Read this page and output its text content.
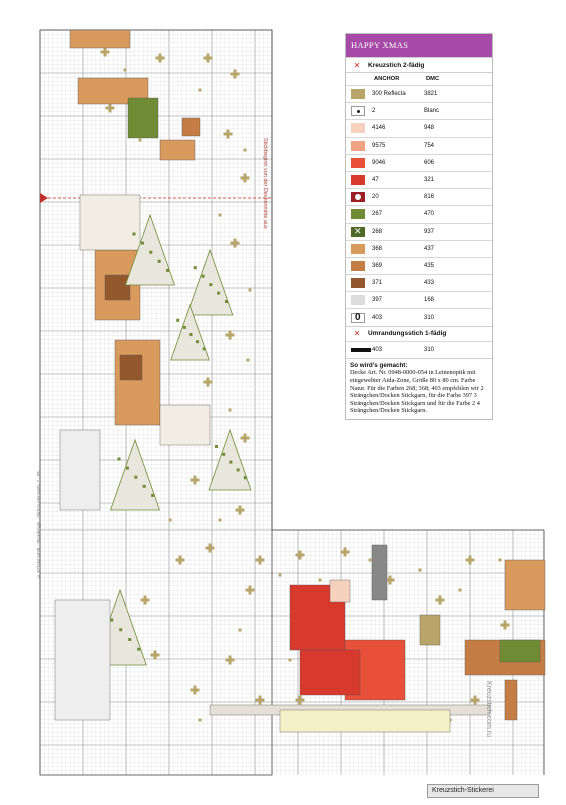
Stickbeginn von der Deckenmitte aus
© RZ/ANCHOR · Stickdesign · Stickmuster-Motiv 2 · 09-
HAPPY XMAS
✕	Kreuzstich 2-fädig
ANCHOR	DMC
300 Reflecta	3821
2	Blanc
4146	948
9575	754
9046	606
47	321
20	816
267	470
✕ 268	937
368	437
369	435
371	433
397	168
0 403	310
✕	Umrandungsstich 1-fädig
403	310
So wird’s gemacht:
Decke Art. Nr. 0948-0000-054 in Leinenoptik mit eingewebter Aida-Zone, Größe 80 x 80 cm. Farbe Natur. Für die Farben 268; 368; 403 empfehlen wir 2 Strängchen/Docken Stickgarn, für die Farbe 397 3 Strängchen/Docken Stickgarn und für die Farbe 2 4 Strängchen/Docken Stickgarn.
Kreuzstich-Stickerei
Kreuzstich.com.ru
